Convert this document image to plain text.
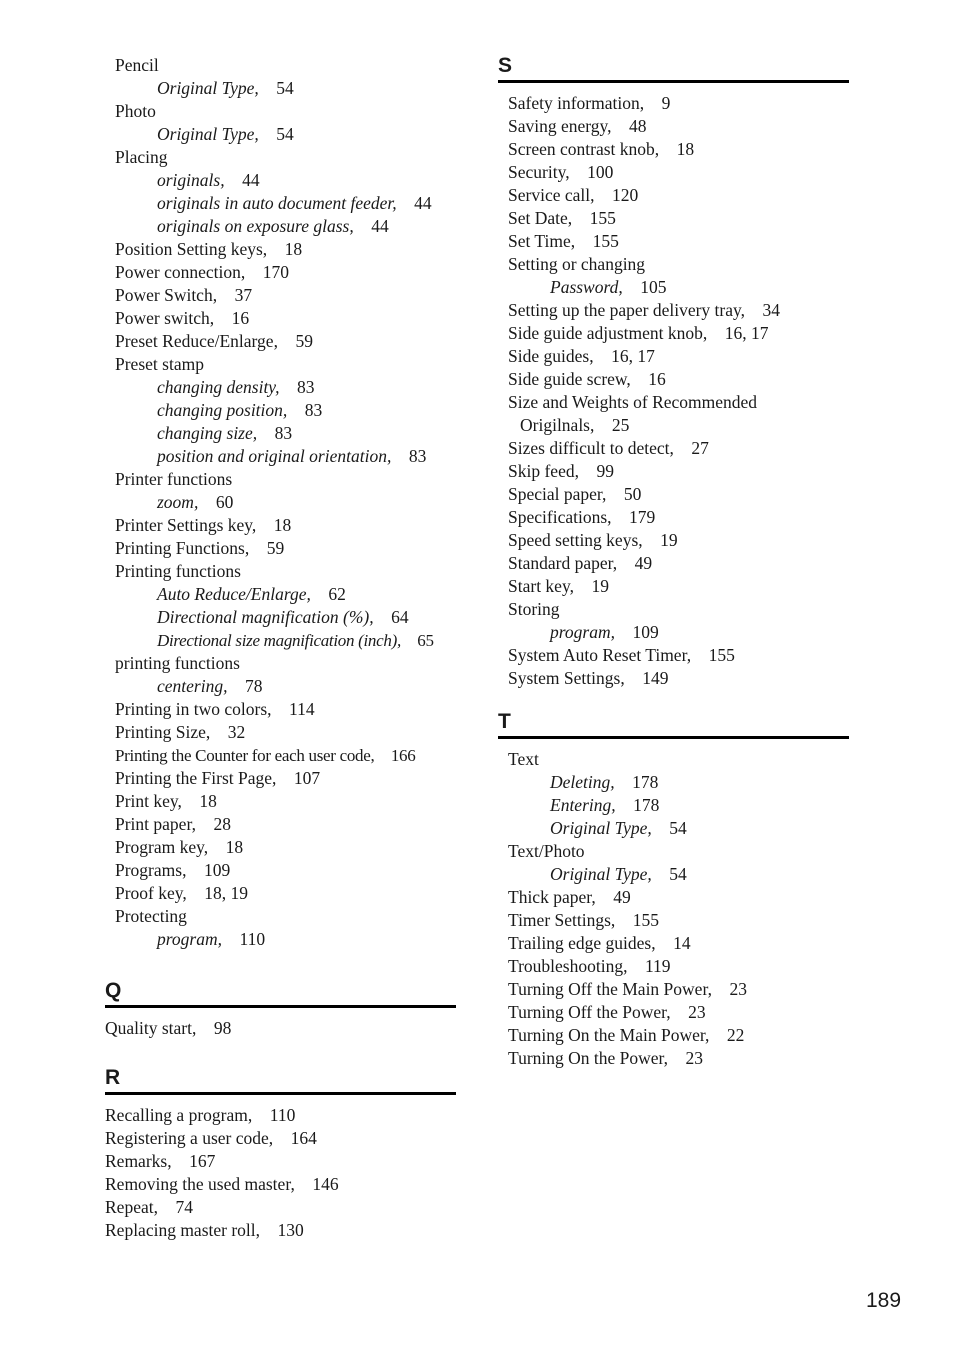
Pencil
Original Type,  54
Photo
Original Type,  54
Placing
originals,  44
originals in auto document feeder,  44
originals on exposure glass,  44
Position Setting keys,  18
Power connection,  170
Power Switch,  37
Power switch,  16
Preset Reduce/Enlarge,  59
Preset stamp
changing density,  83
changing position,  83
changing size,  83
position and original orientation,  83
Printer functions
zoom,  60
Printer Settings key,  18
Printing Functions,  59
Printing functions
Auto Reduce/Enlarge,  62
Directional magnification (%),  64
Directional size magnification (inch),  65
printing functions
centering,  78
Printing in two colors,  114
Printing Size,  32
Printing the Counter for each user code,  166
Printing the First Page,  107
Print key,  18
Print paper,  28
Program key,  18
Programs,  109
Proof key,  18, 19
Protecting
program,  110
Q
Quality start,  98
R
Recalling a program,  110
Registering a user code,  164
Remarks,  167
Removing the used master,  146
Repeat,  74
Replacing master roll,  130
S
Safety information,  9
Saving energy,  48
Screen contrast knob,  18
Security,  100
Service call,  120
Set Date,  155
Set Time,  155
Setting or changing
Password,  105
Setting up the paper delivery tray,  34
Side guide adjustment knob,  16, 17
Side guides,  16, 17
Side guide screw,  16
Size and Weights of Recommended
Origilnals,  25
Sizes difficult to detect,  27
Skip feed,  99
Special paper,  50
Specifications,  179
Speed setting keys,  19
Standard paper,  49
Start key,  19
Storing
program,  109
System Auto Reset Timer,  155
System Settings,  149
T
Text
Deleting,  178
Entering,  178
Original Type,  54
Text/Photo
Original Type,  54
Thick paper,  49
Timer Settings,  155
Trailing edge guides,  14
Troubleshooting,  119
Turning Off the Main Power,  23
Turning Off the Power,  23
Turning On the Main Power,  22
Turning On the Power,  23
189
